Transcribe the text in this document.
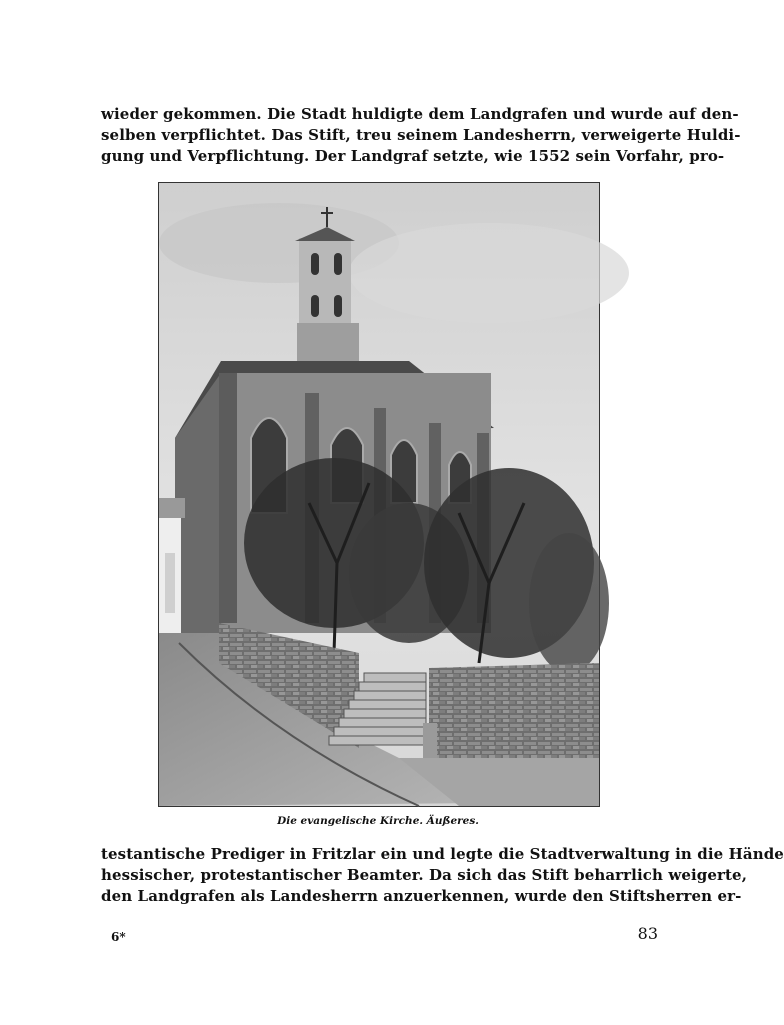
wieder gekommen. Die Stadt huldigte dem Landgrafen und wurde auf den-
selben verpflichtet. Das Stift, treu seinem Landesherrn, verweigerte Huldi-
gung und Verpflichtung. Der Landgraf setzte, wie 1552 sein Vorfahr, pro-
Die evangelische Kirche. Äußeres.
testantische Prediger in Fritzlar ein und legte die Stadtverwaltung in die Hände
hessischer, protestantischer Beamter. Da sich das Stift beharrlich weigerte,
den Landgrafen als Landesherrn anzuerkennen, wurde den Stiftsherren er-
6*	83
